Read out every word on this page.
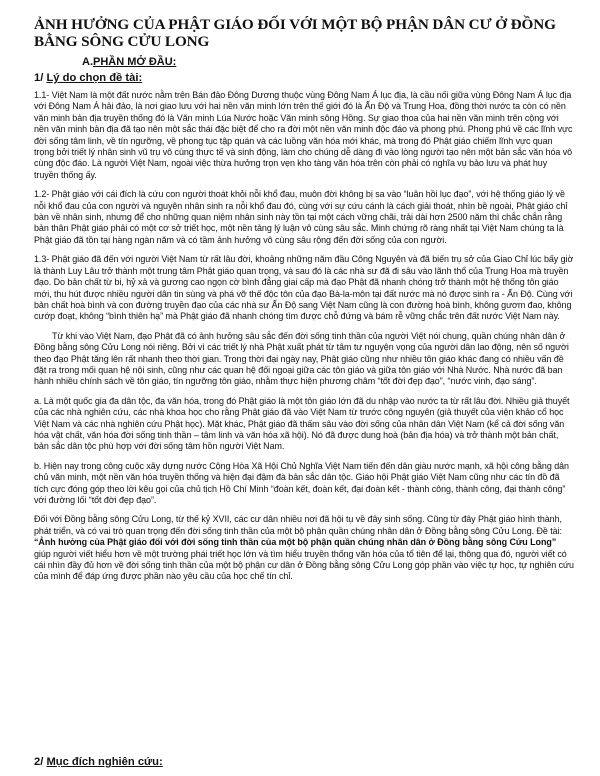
ẢNH HƯỞNG CỦA PHẬT GIÁO ĐỐI VỚI MỘT BỘ PHẬN DÂN CƯ Ở ĐỒNG BẰNG SÔNG CỬU LONG
A.PHẦN MỞ ĐẦU:
1/ Lý do chọn đề tài:

1.1- Việt Nam là một đất nước nằm trên Bán đảo Đông Dương thuộc vùng Đông Nam Á lục địa, là cầu nối giữa vùng Đông Nam Á lục địa với Đông Nam Á hải đảo, là nơi giao lưu với hai nền văn minh lớn trên thế giới đó là Ấn Độ và Trung Hoa, đồng thời nước ta còn có nền văn minh bản địa truyền thống đó là Văn minh Lúa Nước hoặc Văn minh sông Hồng. Sự giao thoa của hai nền văn minh trên cộng với nền văn minh bản địa đã tạo nên một sắc thái đặc biệt để cho ra đời một nền văn minh độc đáo và phong phú. Phong phú về các lĩnh vực đời sống tâm linh, về tín ngưỡng, về phong tục tập quán và các luồng văn hóa mới khác, mà trong đó Phật giáo chiếm lĩnh vực quan trọng bởi triết lý nhân sinh vũ trụ vô cùng thực tế và sinh động, làm cho chúng dễ dàng đi vào lòng người tạo nên một bản sắc văn hóa vô cùng độc đáo. Là người Việt Nam, ngoài việc thừa hưởng trọn vẹn kho tàng văn hóa trên còn phải có nghĩa vụ bảo lưu và phát huy truyền thống ấy.

1.2- Phật giáo với cái đích là cứu con người thoát khỏi nỗi khổ đau, muôn đời không bị sa vào “luân hồi lục đạo”, với hệ thống giáo lý về nỗi khổ đau của con người và nguyên nhân sinh ra nỗi khổ đau đó, cùng với sự cứu cánh là cách giải thoát, nhìn bề ngoài, Phật giáo chỉ bàn về nhân sinh, nhưng để cho những quan niệm nhân sinh này tồn tại một cách vững chãi, trải dài hơn 2500 năm thì chắc chắn rằng bản thân Phật giáo phải có một cơ sở triết học, một nền tảng lý luận vô cùng sâu sắc. Minh chứng rõ ràng nhất tại Việt Nam chúng ta là Phật giáo đã tồn tại hàng ngàn năm và có tầm ảnh hưởng vô cùng sâu rộng đến đời sống của con người.

1.3- Phật giáo đã đến với người Việt Nam từ rất lâu đời, khoảng những năm đầu Công Nguyên và đã biến trụ sở của Giao Chỉ lúc bấy giờ là thành Luy Lâu trở thành một trung tâm Phật giáo quan trọng, và sau đó là các nhà sư đã đi sâu vào lãnh thổ của Trung Hoa mà truyền đạo. Do bản chất từ bi, hỷ xả và gương cao ngọn cờ bình đẳng giai cấp mà đạo Phật đã nhanh chóng trở thành một hệ thống tôn giáo mới, thu hút được nhiều người dân tin sùng và phá vỡ thế độc tôn của đạo Bà-la-môn tại đất nước mà nó được sinh ra - Ấn Độ. Cùng với bản chất hoà bình và con đường truyền đạo của các nhà sư Ấn Độ sang Việt Nam cũng là con đường hoà bình, không gươm đao, không cướp đoạt, không “bình thiên hạ” mà Phật giáo đã nhanh chóng tìm được chỗ đứng và bám rễ vững chắc trên đất nước Việt Nam này.

Từ khi vào Việt Nam, đạo Phật đã có ảnh hưởng sâu sắc đến đời sống tinh thần của người Việt nói chung, quần chúng nhân dân ở Đồng bằng sông Cửu Long nói riêng. Bởi vì các triết lý nhà Phật xuất phát từ tâm tư nguyện vọng của người dân lao động, nên số người theo đạo Phật tăng lên rất nhanh theo thời gian. Trong thời đại ngày nay, Phật giáo cũng như nhiều tôn giáo khác đang có nhiều vấn đề đặt ra trong mối quan hệ nội sinh, cũng như các quan hệ đối ngoại giữa các tôn giáo và giữa tôn giáo với Nhà Nước. Nhà nước đã ban hành nhiều chính sách về tôn giáo, tín ngưỡng tôn giáo, nhằm thực hiện phương châm “tốt đời đẹp đạo”, “nước vinh, đạo sáng”.

a. Là một quốc gia đa dân tộc, đa văn hóa, trong đó Phật giáo là một tôn giáo lớn đã du nhập vào nước ta từ rất lâu đời. Nhiều giả thuyết của các nhà nghiên cứu, các nhà khoa học cho rằng Phật giáo đã vào Việt Nam từ trước công nguyên (giả thuyết của viện khảo cổ học Việt Nam và các nhà nghiên cứu Phật học). Mặt khác, Phật giáo đã thấm sâu vào đời sống của nhân dân Việt Nam (kể cả đời sống văn hóa vật chất, văn hóa đời sống tinh thần – tâm linh và văn hóa xã hội). Nó đã được dung hoà (bản địa hóa) và trở thành một bản chất, bản sắc dân tộc phù hợp với đời sống tâm hồn người Việt Nam.

b. Hiện nay trong công cuộc xây dựng nước Cộng Hòa Xã Hội Chủ Nghĩa Việt Nam tiến đến dân giàu nước mạnh, xã hội công bằng dân chủ văn minh, một nền văn hóa truyền thống và hiện đại đậm đà bản sắc dân tộc. Giáo hội Phật giáo Việt Nam cũng như các tín đồ đã tích cực đóng góp theo lời kêu gọi của chủ tịch Hồ Chí Minh “đoàn kết, đoàn kết, đại đoàn kết - thành công, thành công, đại thành công” với đường lối “tốt đời đẹp đạo”.

Đối với Đồng bằng sông Cửu Long, từ thế kỷ XVII, các cư dân nhiều nơi đã hội tụ về đây sinh sống. Cũng từ đây Phật giáo hình thành, phát triển, và có vai trò quan trọng đến đời sống tinh thần của một bộ phận quần chúng nhân dân ở Đồng bằng sông Cửu Long. Đề tài: “Ảnh hưởng của Phật giáo đối với đời sống tinh thần của một bộ phận quần chúng nhân dân ở Đồng bằng sông Cửu Long” giúp người viết hiểu hơn về một trường phái triết học lớn và tìm hiểu truyền thống văn hóa của tổ tiên để lại, thông qua đó, người viết có cái nhìn đầy đủ hơn về đời sống tinh thần của một bộ phận cư dân ở Đồng bằng sông Cửu Long góp phần vào việc tự học, tự nghiên cứu của mình để đáp ứng được phần nào yêu cầu của học chế tín chỉ.

2/ Mục đích nghiên cứu:
